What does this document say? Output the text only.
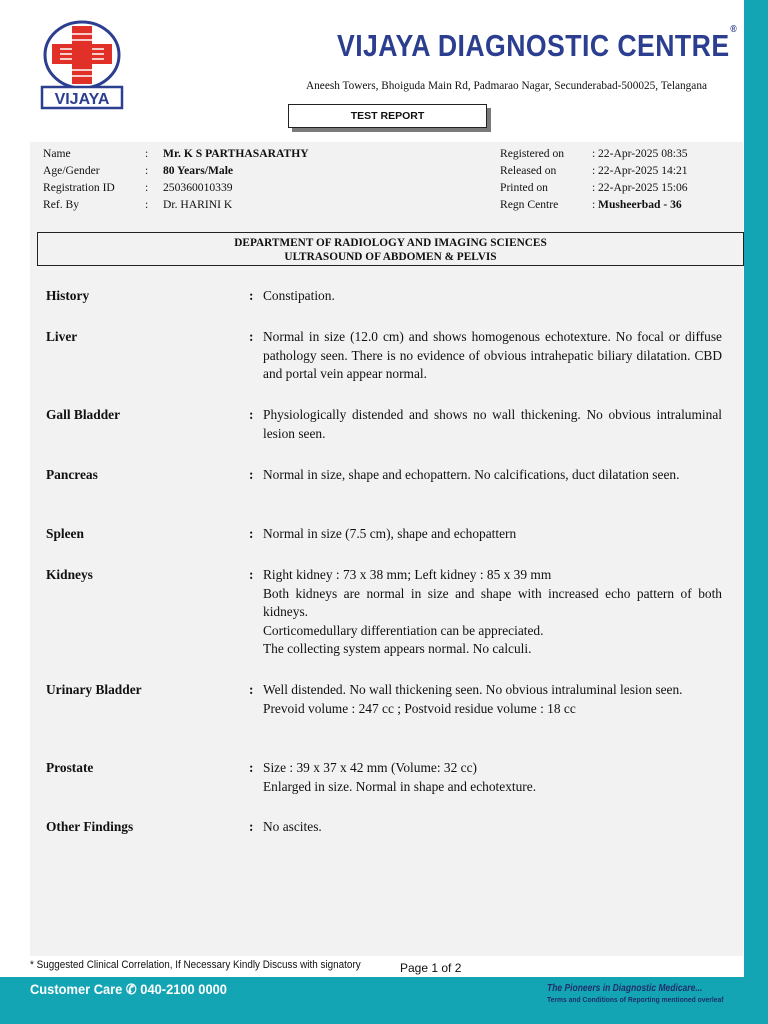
VIJAYA
VIJAYA DIAGNOSTIC CENTRE®
Aneesh Towers, Bhoiguda Main Rd, Padmarao Nagar, Secunderabad-500025, Telangana
TEST REPORT
Name	: Mr. K S PARTHASARATHY
Age/Gender	: 80 Years/Male
Registration ID	: 250360010339
Ref. By	: Dr. HARINI K
Registered on : 22-Apr-2025 08:35
Released on	: 22-Apr-2025 14:21
Printed on	: 22-Apr-2025 15:06
Regn Centre	: Musheerbad - 36
DEPARTMENT OF RADIOLOGY AND IMAGING SCIENCES
ULTRASOUND OF ABDOMEN & PELVIS
History	: Constipation.
Liver	: Normal in size (12.0 cm) and shows homogenous echotexture. No focal or diffuse pathology seen. There is no evidence of obvious intrahepatic biliary dilatation. CBD and portal vein appear normal.
Gall Bladder	: Physiologically distended and shows no wall thickening. No obvious intraluminal lesion seen.
Pancreas	: Normal in size, shape and echopattern. No calcifications, duct dilatation seen.
Spleen	: Normal in size (7.5 cm), shape and echopattern
Kidneys	: Right kidney : 73 x 38 mm; Left kidney : 85 x 39 mm
Both kidneys are normal in size and shape with increased echo pattern of both kidneys.
Corticomedullary differentiation can be appreciated.
The collecting system appears normal. No calculi.
Urinary Bladder	: Well distended. No wall thickening seen. No obvious intraluminal lesion seen.
Prevoid volume : 247 cc ; Postvoid residue volume : 18 cc
Prostate	: Size : 39 x 37 x 42 mm (Volume: 32 cc)
Enlarged in size. Normal in shape and echotexture.
Other Findings	: No ascites.
* Suggested Clinical Correlation, If Necessary Kindly Discuss with signatory	Page 1 of 2
Customer Care ✆ 040-2100 0000	The Pioneers in Diagnostic Medicare...
Terms and Conditions of Reporting mentioned overleaf
